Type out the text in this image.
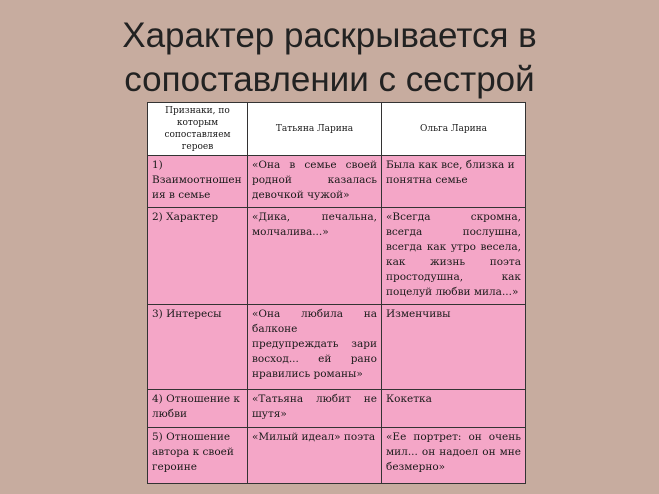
Характер раскрывается в
сопоставлении с сестрой
Признаки, по которым сопоставляем героев	Татьяна Ларина	Ольга Ларина
1) Взаимоотношения в семье	«Она в семье своей родной казалась девочкой чужой»	Была как все, близка и понятна семье
2) Характер	«Дика, печальна, молчалива...»	«Всегда скромна, всегда послушна, всегда как утро весела, как жизнь поэта простодушна, как поцелуй любви мила...»
3) Интересы	«Она любила на балконе предупреждать зари восход... ей рано нравились романы»	Изменчивы
4) Отношение к любви	«Татьяна любит не шутя»	Кокетка
5) Отношение автора к своей героине	«Милый идеал» поэта	«Ее портрет: он очень мил... он надоел он мне безмерно»
